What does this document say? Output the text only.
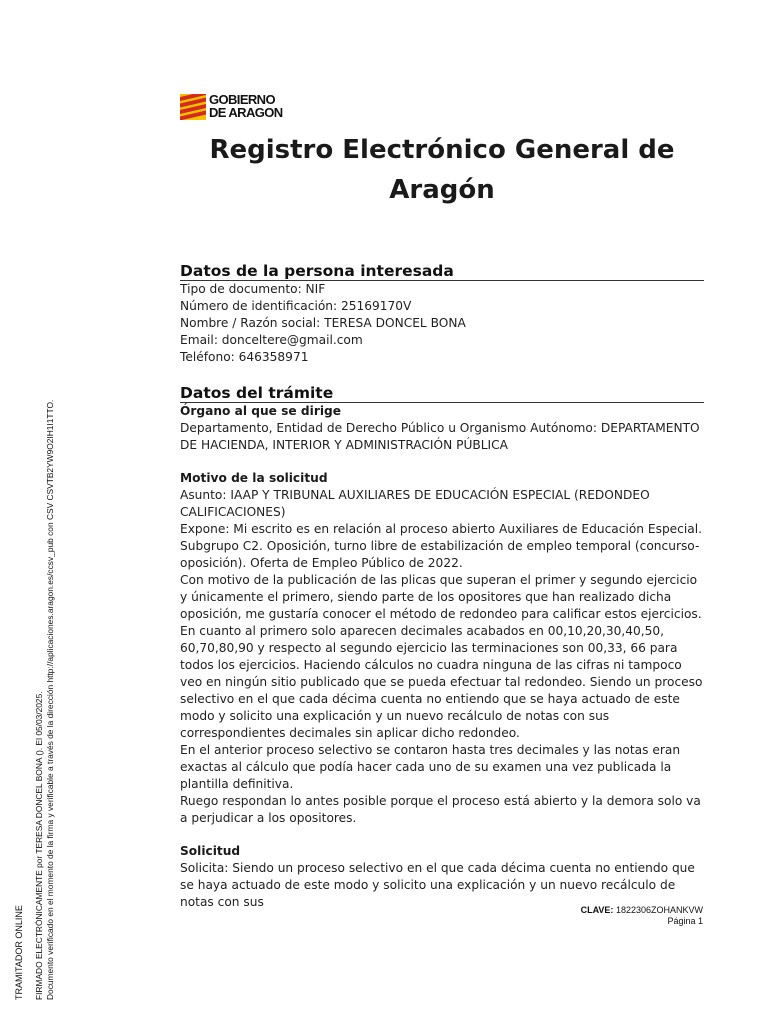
GOBIERNO
DE ARAGON
Registro Electrónico General de Aragón
Datos de la persona interesada

Tipo de documento: NIF

Número de identificación: 25169170V

Nombre / Razón social: TERESA DONCEL BONA

Email: donceltere@gmail.com

Teléfono: 646358971

Datos del trámite

Órgano al que se dirige

Departamento, Entidad de Derecho Público u Organismo Autónomo: DEPARTAMENTO DE HACIENDA, INTERIOR Y ADMINISTRACIÓN PÚBLICA

Motivo de la solicitud

Asunto: IAAP Y TRIBUNAL AUXILIARES DE EDUCACIÓN ESPECIAL (REDONDEO CALIFICACIONES)

Expone: Mi escrito es en relación al proceso abierto Auxiliares de Educación Especial. Subgrupo C2. Oposición, turno libre de estabilización de empleo temporal (concurso-oposición). Oferta de Empleo Público de 2022.

Con motivo de la publicación de las plicas que superan el primer y segundo ejercicio y únicamente el primero, siendo parte de los opositores que han realizado dicha oposición, me gustaría conocer el método de redondeo para calificar estos ejercicios. En cuanto al primero solo aparecen decimales acabados en 00,10,20,30,40,50, 60,70,80,90 y respecto al segundo ejercicio las terminaciones son 00,33, 66 para todos los ejercicios. Haciendo cálculos no cuadra ninguna de las cifras ni tampoco veo en ningún sitio publicado que se pueda efectuar tal redondeo. Siendo un proceso selectivo en el que cada décima cuenta no entiendo que se haya actuado de este modo y solicito una explicación y un nuevo recálculo de notas con sus correspondientes decimales sin aplicar dicho redondeo.

En el anterior proceso selectivo se contaron hasta tres decimales y las notas eran exactas al cálculo que podía hacer cada uno de su examen una vez publicada la plantilla definitiva.

Ruego respondan lo antes posible porque el proceso está abierto y la demora solo va a perjudicar a los opositores.

Solicitud

Solicita: Siendo un proceso selectivo en el que cada décima cuenta no entiendo que se haya actuado de este modo y solicito una explicación y un nuevo recálculo de notas con sus

CLAVE: 1822306ZOHANKVW
Página 1
TRAMITADOR ONLINE FIRMADO ELECTRÓNICAMENTE por TERESA DONCEL BONA (). El 05/03/2025. Documento verificado en el momento de la firma y verificable a través de la dirección http://aplicaciones.aragon.es/ccsv_pub con CSV CSVTB2YW9O2IH1I1TTO.
